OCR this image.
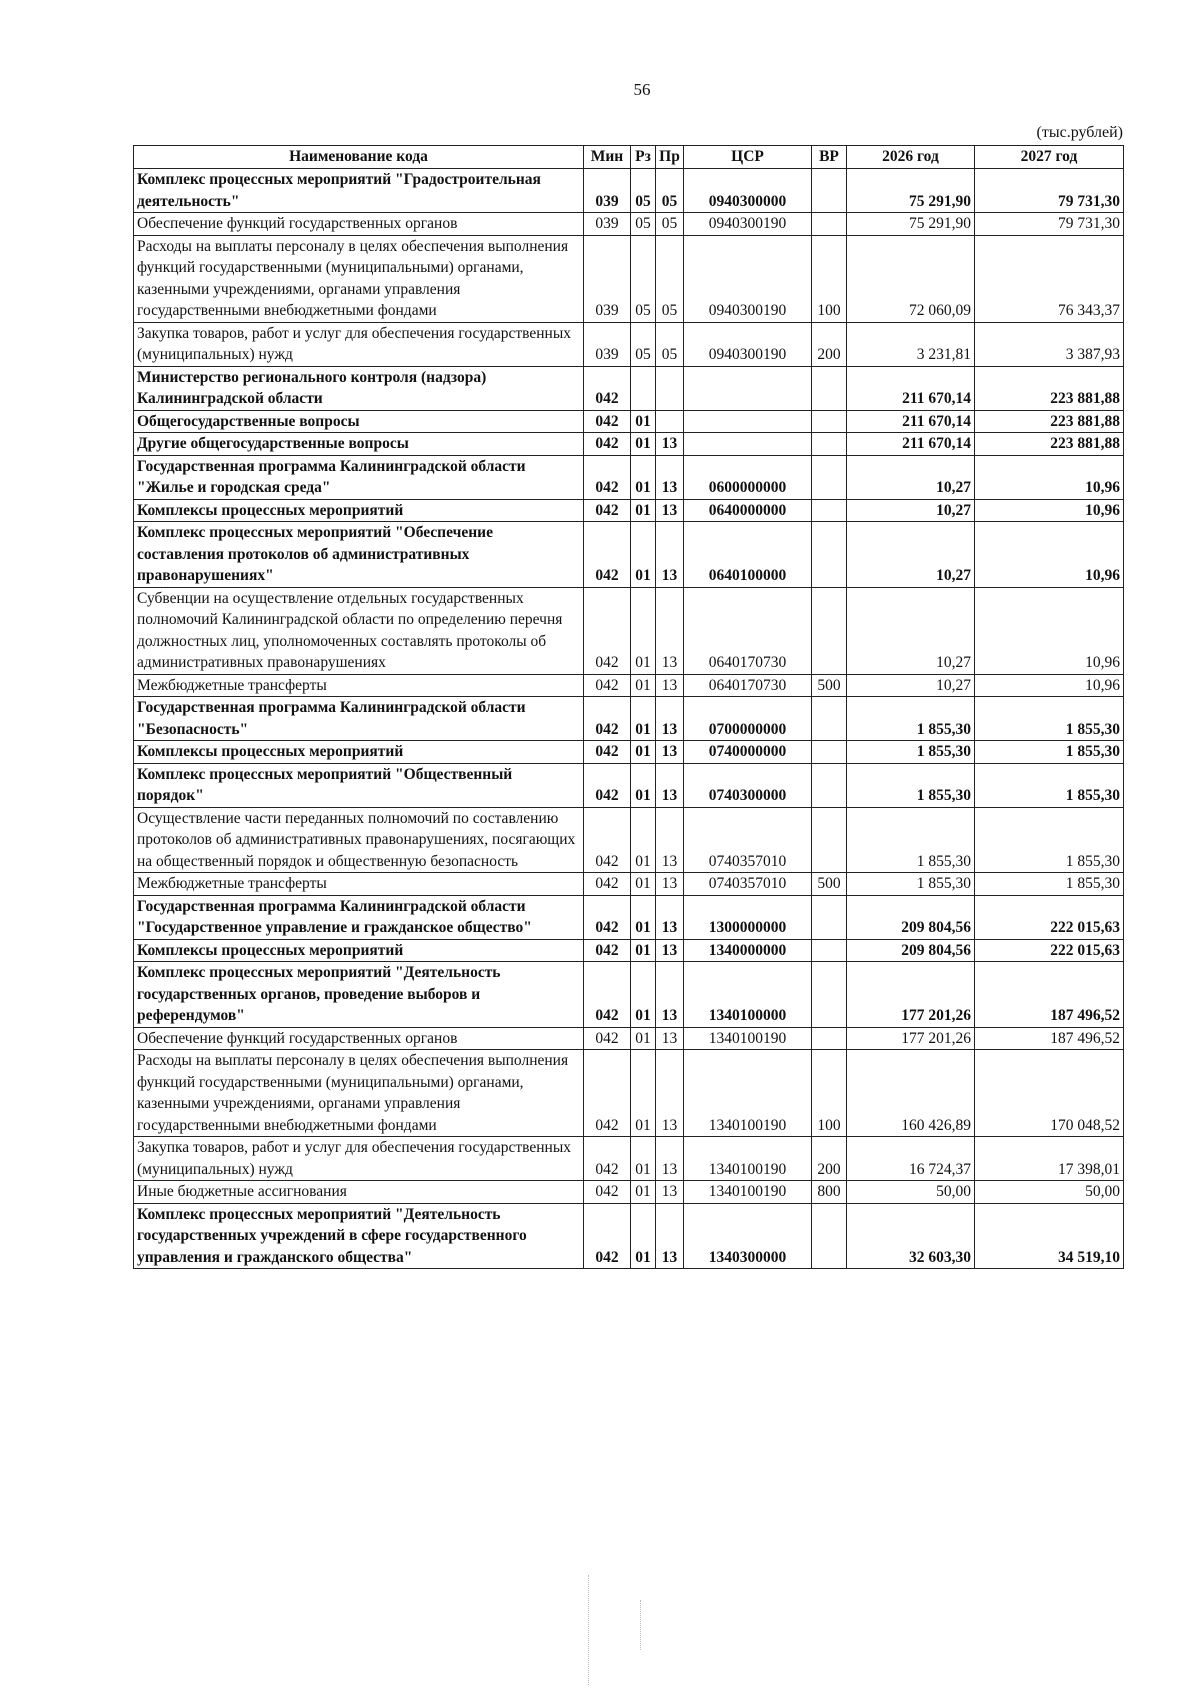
56
(тыс.рублей)
Наименование кода	Мин	Рз	Пр	ЦСР	ВР	2026 год	2027 год
Комплекс процессных мероприятий "Градостроительная деятельность"	039	05	05	0940300000		75 291,90	79 731,30
Обеспечение функций государственных органов	039	05	05	0940300190		75 291,90	79 731,30
Расходы на выплаты персоналу в целях обеспечения выполнения функций государственными (муниципальными) органами, казенными учреждениями, органами управления государственными внебюджетными фондами	039	05	05	0940300190	100	72 060,09	76 343,37
Закупка товаров, работ и услуг для обеспечения государственных (муниципальных) нужд	039	05	05	0940300190	200	3 231,81	3 387,93
Министерство регионального контроля (надзора) Калининградской области	042					211 670,14	223 881,88
Общегосударственные вопросы	042	01				211 670,14	223 881,88
Другие общегосударственные вопросы	042	01	13			211 670,14	223 881,88
Государственная программа Калининградской области "Жилье и городская среда"	042	01	13	0600000000		10,27	10,96
Комплексы процессных мероприятий	042	01	13	0640000000		10,27	10,96
Комплекс процессных мероприятий "Обеспечение составления протоколов об административных правонарушениях"	042	01	13	0640100000		10,27	10,96
Субвенции на осуществление отдельных государственных полномочий Калининградской области по определению перечня должностных лиц, уполномоченных составлять протоколы об административных правонарушениях	042	01	13	0640170730		10,27	10,96
Межбюджетные трансферты	042	01	13	0640170730	500	10,27	10,96
Государственная программа Калининградской области "Безопасность"	042	01	13	0700000000		1 855,30	1 855,30
Комплексы процессных мероприятий	042	01	13	0740000000		1 855,30	1 855,30
Комплекс процессных мероприятий "Общественный порядок"	042	01	13	0740300000		1 855,30	1 855,30
Осуществление части переданных полномочий по составлению протоколов об административных правонарушениях, посягающих на общественный порядок и общественную безопасность	042	01	13	0740357010		1 855,30	1 855,30
Межбюджетные трансферты	042	01	13	0740357010	500	1 855,30	1 855,30
Государственная программа Калининградской области "Государственное управление и гражданское общество"	042	01	13	1300000000		209 804,56	222 015,63
Комплексы процессных мероприятий	042	01	13	1340000000		209 804,56	222 015,63
Комплекс процессных мероприятий "Деятельность государственных органов, проведение выборов и референдумов"	042	01	13	1340100000		177 201,26	187 496,52
Обеспечение функций государственных органов	042	01	13	1340100190		177 201,26	187 496,52
Расходы на выплаты персоналу в целях обеспечения выполнения функций государственными (муниципальными) органами, казенными учреждениями, органами управления государственными внебюджетными фондами	042	01	13	1340100190	100	160 426,89	170 048,52
Закупка товаров, работ и услуг для обеспечения государственных (муниципальных) нужд	042	01	13	1340100190	200	16 724,37	17 398,01
Иные бюджетные ассигнования	042	01	13	1340100190	800	50,00	50,00
Комплекс процессных мероприятий "Деятельность государственных учреждений в сфере государственного управления и гражданского общества"	042	01	13	1340300000		32 603,30	34 519,10
